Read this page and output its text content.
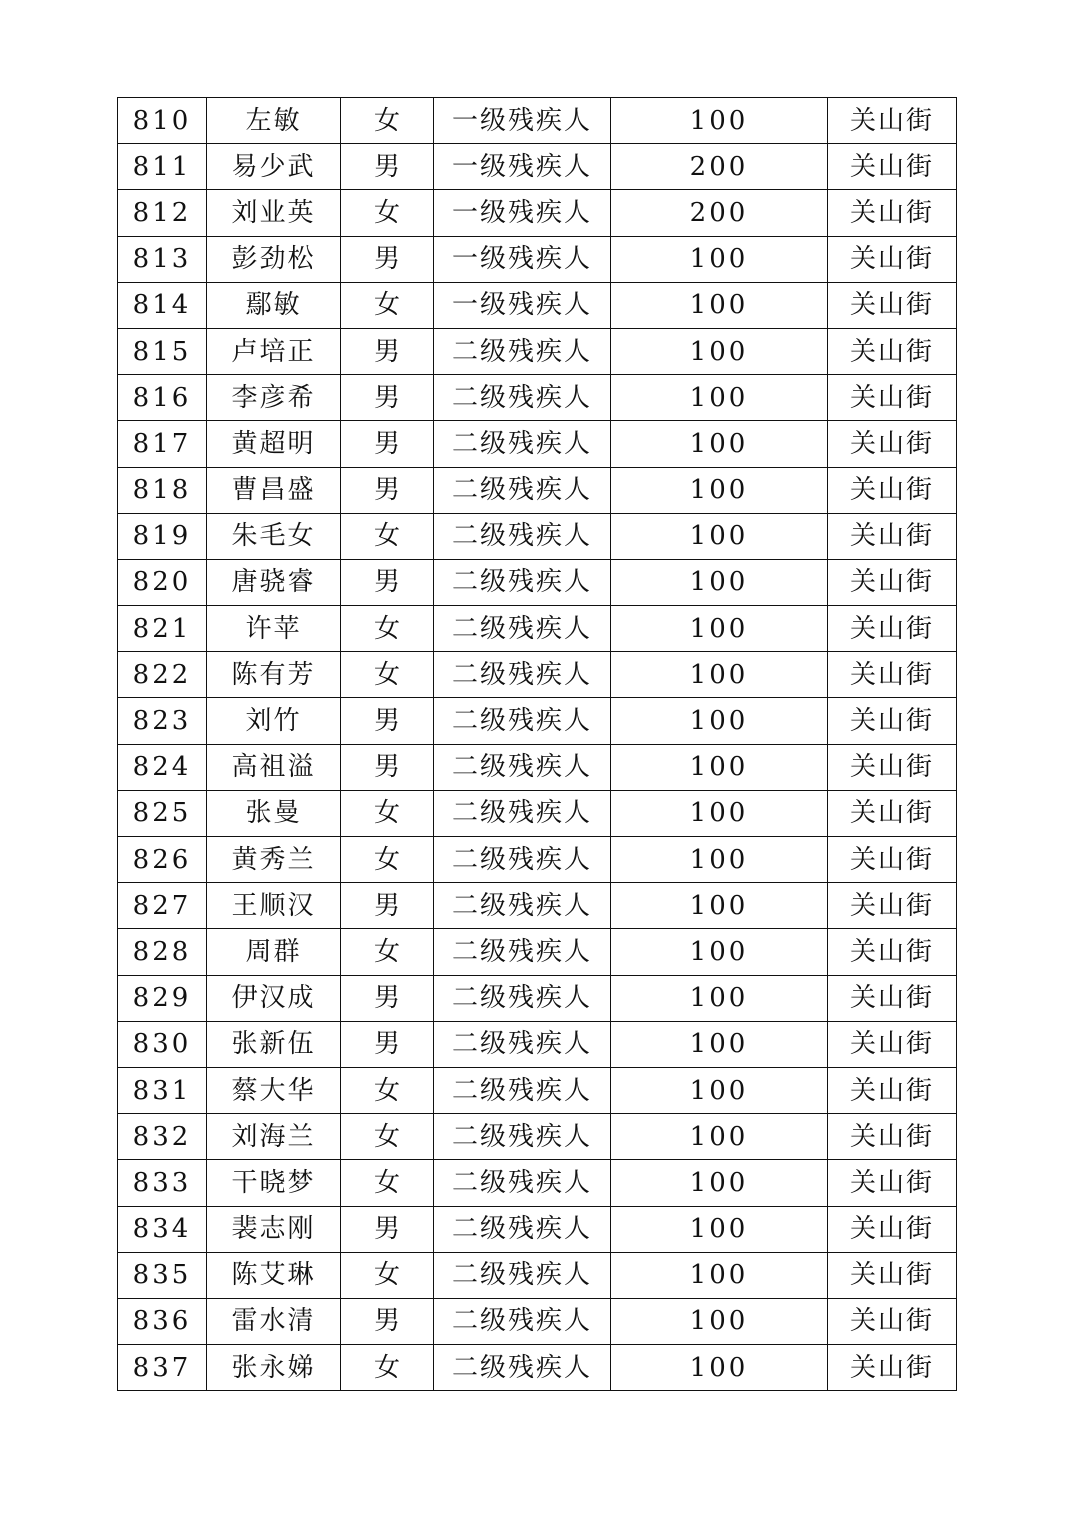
810	左敏	女	一级残疾人	100	关山街
811	易少武	男	一级残疾人	200	关山街
812	刘业英	女	一级残疾人	200	关山街
813	彭劲松	男	一级残疾人	100	关山街
814	鄢敏	女	一级残疾人	100	关山街
815	卢培正	男	二级残疾人	100	关山街
816	李彦希	男	二级残疾人	100	关山街
817	黄超明	男	二级残疾人	100	关山街
818	曹昌盛	男	二级残疾人	100	关山街
819	朱毛女	女	二级残疾人	100	关山街
820	唐骁睿	男	二级残疾人	100	关山街
821	许苹	女	二级残疾人	100	关山街
822	陈有芳	女	二级残疾人	100	关山街
823	刘竹	男	二级残疾人	100	关山街
824	高祖溢	男	二级残疾人	100	关山街
825	张曼	女	二级残疾人	100	关山街
826	黄秀兰	女	二级残疾人	100	关山街
827	王顺汉	男	二级残疾人	100	关山街
828	周群	女	二级残疾人	100	关山街
829	伊汉成	男	二级残疾人	100	关山街
830	张新伍	男	二级残疾人	100	关山街
831	蔡大华	女	二级残疾人	100	关山街
832	刘海兰	女	二级残疾人	100	关山街
833	干晓梦	女	二级残疾人	100	关山街
834	裴志刚	男	二级残疾人	100	关山街
835	陈艾琳	女	二级残疾人	100	关山街
836	雷水清	男	二级残疾人	100	关山街
837	张永娣	女	二级残疾人	100	关山街
